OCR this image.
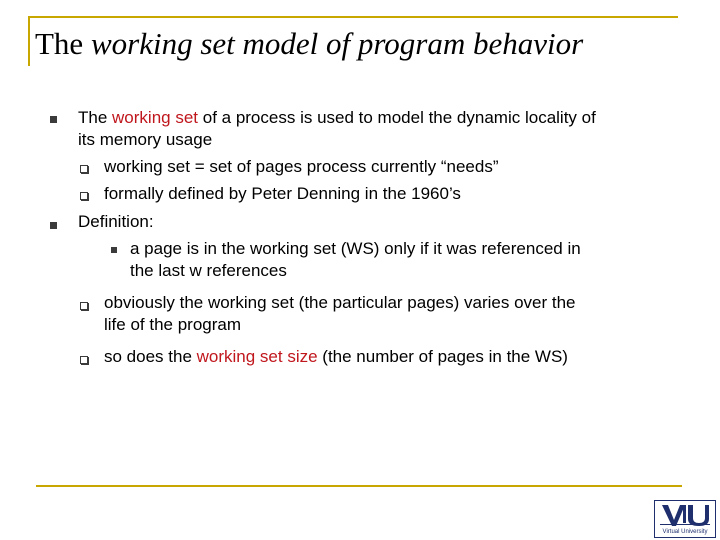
The working set model of program behavior
The working set of a process is used to model the dynamic locality of
its memory usage
working set = set of pages process currently “needs”
formally defined by Peter Denning in the 1960’s
Definition:
a page is in the working set (WS) only if it was referenced in
the last w references
obviously the working set (the particular pages) varies over the
life of the program
so does the working set size (the number of pages in the WS)
Virtual University
